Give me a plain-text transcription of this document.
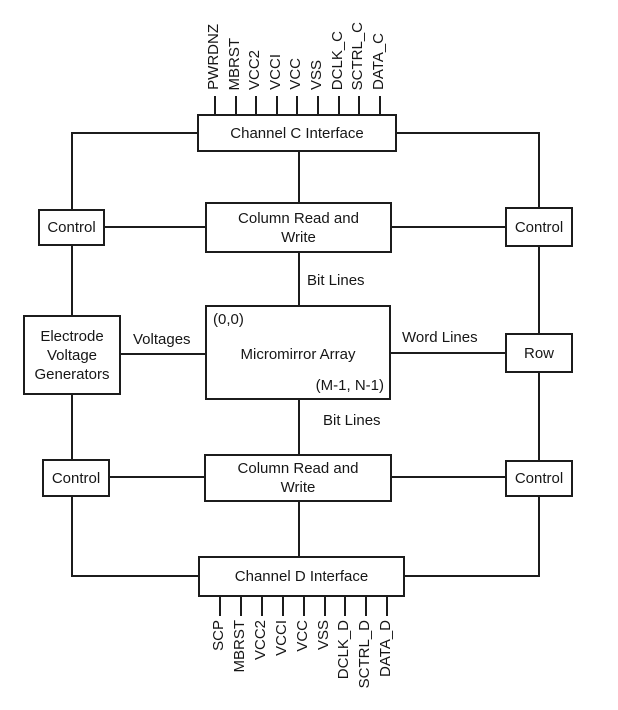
Channel C Interface
Column Read and Write
(0,0)
Micromirror Array
(M-1, N-1)
Electrode Voltage Generators
Control	Control
Row
Control	Control
Column Read and Write
Channel D Interface
Bit Lines
Bit Lines
Voltages	Word Lines
PWRDNZ MBRST VCC2 VCCI VCC VSS DCLK_C SCTRL_C DATA_C
SCP MBRST VCC2 VCCI VCC VSS DCLK_D SCTRL_D DATA_D
